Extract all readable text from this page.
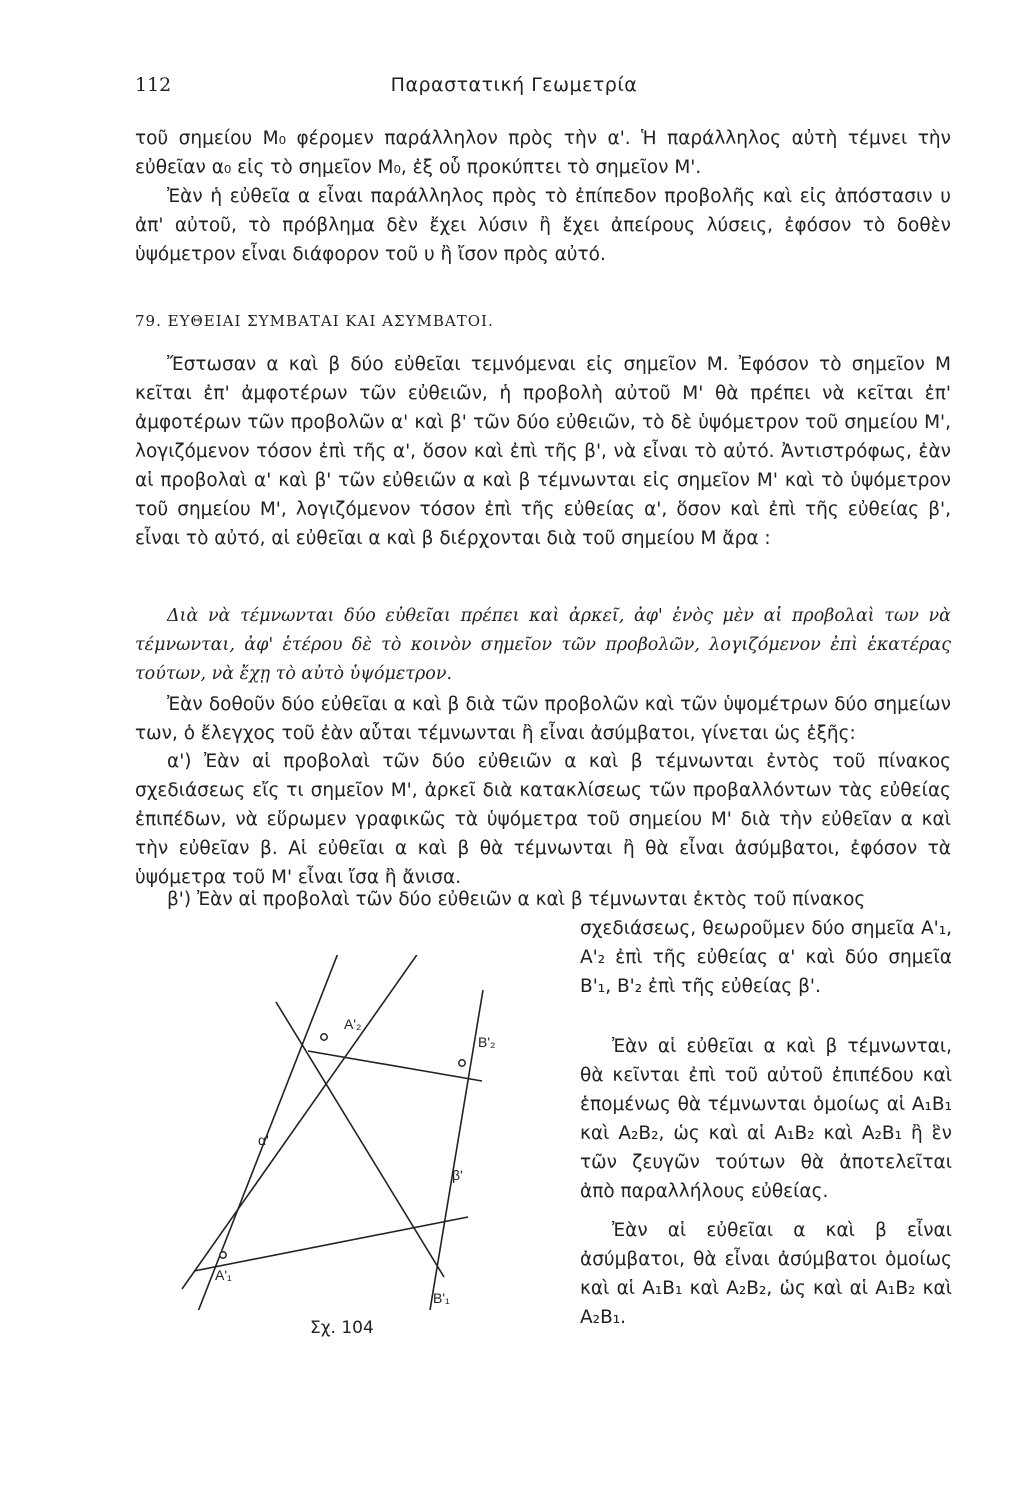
112	Παραστατική Γεωμετρία

τοῦ σημείου M₀ φέρομεν παράλληλον πρὸς τὴν α'. Ἡ παράλληλος αὐτὴ τέμνει τὴν εὐθεῖαν α₀ εἰς τὸ σημεῖον M₀, ἐξ οὗ προκύπτει τὸ σημεῖον M'.

Ἐὰν ἡ εὐθεῖα α εἶναι παράλληλος πρὸς τὸ ἐπίπεδον προβολῆς καὶ εἰς ἀπόστασιν υ ἀπ' αὐτοῦ, τὸ πρόβλημα δὲν ἔχει λύσιν ἢ ἔχει ἀπείρους λύσεις, ἐφόσον τὸ δοθὲν ὑψόμετρον εἶναι διάφορον τοῦ υ ἢ ἴσον πρὸς αὐτό.

79. ΕΥΘΕΙΑΙ ΣΥΜΒΑΤΑΙ ΚΑΙ ΑΣΥΜΒΑΤΟΙ.

Ἔστωσαν α καὶ β δύο εὐθεῖαι τεμνόμεναι εἰς σημεῖον M. Ἐφόσον τὸ σημεῖον M κεῖται ἐπ' ἀμφοτέρων τῶν εὐθειῶν, ἡ προβολὴ αὐτοῦ M' θὰ πρέπει νὰ κεῖται ἐπ' ἀμφοτέρων τῶν προβολῶν α' καὶ β' τῶν δύο εὐθειῶν, τὸ δὲ ὑψόμετρον τοῦ σημείου M', λογιζόμενον τόσον ἐπὶ τῆς α', ὅσον καὶ ἐπὶ τῆς β', νὰ εἶναι τὸ αὐτό. Ἀντιστρόφως, ἐὰν αἱ προβολαὶ α' καὶ β' τῶν εὐθειῶν α καὶ β τέμνωνται εἰς σημεῖον M' καὶ τὸ ὑψόμετρον τοῦ σημείου M', λογιζόμενον τόσον ἐπὶ τῆς εὐθείας α', ὅσον καὶ ἐπὶ τῆς εὐθείας β', εἶναι τὸ αὐτό, αἱ εὐθεῖαι α καὶ β διέρχονται διὰ τοῦ σημείου M ἄρα :

Διὰ νὰ τέμνωνται δύο εὐθεῖαι πρέπει καὶ ἀρκεῖ, ἀφ' ἑνὸς μὲν αἱ προβολαὶ των νὰ τέμνωνται, ἀφ' ἑτέρου δὲ τὸ κοινὸν σημεῖον τῶν προβολῶν, λογιζόμενον ἐπὶ ἑκατέρας τούτων, νὰ ἔχῃ τὸ αὐτὸ ὑψόμετρον.

Ἐὰν δοθοῦν δύο εὐθεῖαι α καὶ β διὰ τῶν προβολῶν καὶ τῶν ὑψομέτρων δύο σημείων των, ὁ ἔλεγχος τοῦ ἐὰν αὗται τέμνωνται ἢ εἶναι ἀσύμβατοι, γίνεται ὡς ἑξῆς:

α') Ἐὰν αἱ προβολαὶ τῶν δύο εὐθειῶν α καὶ β τέμνωνται ἐντὸς τοῦ πίνακος σχεδιάσεως εἴς τι σημεῖον M', ἀρκεῖ διὰ κατακλίσεως τῶν προβαλλόντων τὰς εὐθείας ἐπιπέδων, νὰ εὕρωμεν γραφικῶς τὰ ὑψόμετρα τοῦ σημείου M' διὰ τὴν εὐθεῖαν α καὶ τὴν εὐθεῖαν β. Αἱ εὐθεῖαι α καὶ β θὰ τέμνωνται ἢ θὰ εἶναι ἀσύμβατοι, ἐφόσον τὰ ὑψόμετρα τοῦ M' εἶναι ἴσα ἢ ἄνισα.

β') Ἐὰν αἱ προβολαὶ τῶν δύο εὐθειῶν α καὶ β τέμνωνται ἐκτὸς τοῦ πίνακος

σχεδιάσεως, θεωροῦμεν δύο σημεῖα A'₁, A'₂ ἐπὶ τῆς εὐθείας α' καὶ δύο σημεῖα B'₁, B'₂ ἐπὶ τῆς εὐθείας β'.

Ἐὰν αἱ εὐθεῖαι α καὶ β τέμνωνται, θὰ κεῖνται ἐπὶ τοῦ αὐτοῦ ἐπιπέδου καὶ ἑπομένως θὰ τέμνωνται ὁμοίως αἱ A₁B₁ καὶ A₂B₂, ὡς καὶ αἱ A₁B₂ καὶ A₂B₁ ἢ ἓν τῶν ζευγῶν τούτων θὰ ἀποτελεῖται ἀπὸ παραλλήλους εὐθείας.

Ἐὰν αἱ εὐθεῖαι α καὶ β εἶναι ἀσύμβατοι, θὰ εἶναι ἀσύμβατοι ὁμοίως καὶ αἱ A₁B₁ καὶ A₂B₂, ὡς καὶ αἱ A₁B₂ καὶ A₂B₁.

A'₂
B'₂
α'
β'
A'₁
B'₁
Σχ. 104
